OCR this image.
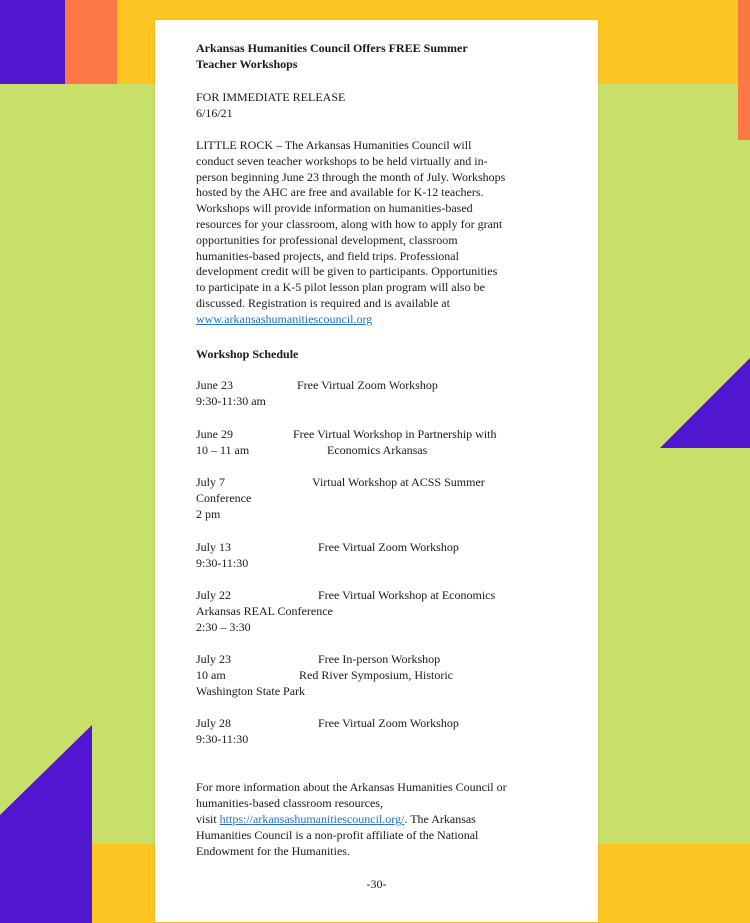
Arkansas Humanities Council Offers FREE Summer
Teacher Workshops
FOR IMMEDIATE RELEASE
6/16/21
LITTLE ROCK – The Arkansas Humanities Council will
conduct seven teacher workshops to be held virtually and in-
person beginning June 23 through the month of July. Workshops
hosted by the AHC are free and available for K-12 teachers.
Workshops will provide information on humanities-based
resources for your classroom, along with how to apply for grant
opportunities for professional development, classroom
humanities-based projects, and field trips. Professional
development credit will be given to participants. Opportunities
to participate in a K-5 pilot lesson plan program will also be
discussed. Registration is required and is available at
www.arkansashumanitiescouncil.org
Workshop Schedule
June 23	Free Virtual Zoom Workshop
9:30-11:30 am
June 29	Free Virtual Workshop in Partnership with
10 – 11 am	Economics Arkansas
July 7	Virtual Workshop at ACSS Summer
Conference
2 pm
July 13	Free Virtual Zoom Workshop
9:30-11:30
July 22	Free Virtual Workshop at Economics
Arkansas REAL Conference
2:30 – 3:30
July 23	Free In-person Workshop
10 am	Red River Symposium, Historic
Washington State Park
July 28	Free Virtual Zoom Workshop
9:30-11:30
For more information about the Arkansas Humanities Council or
humanities-based classroom resources,
visit https://arkansashumanitiescouncil.org/. The Arkansas
Humanities Council is a non-profit affiliate of the National
Endowment for the Humanities.
-30-
